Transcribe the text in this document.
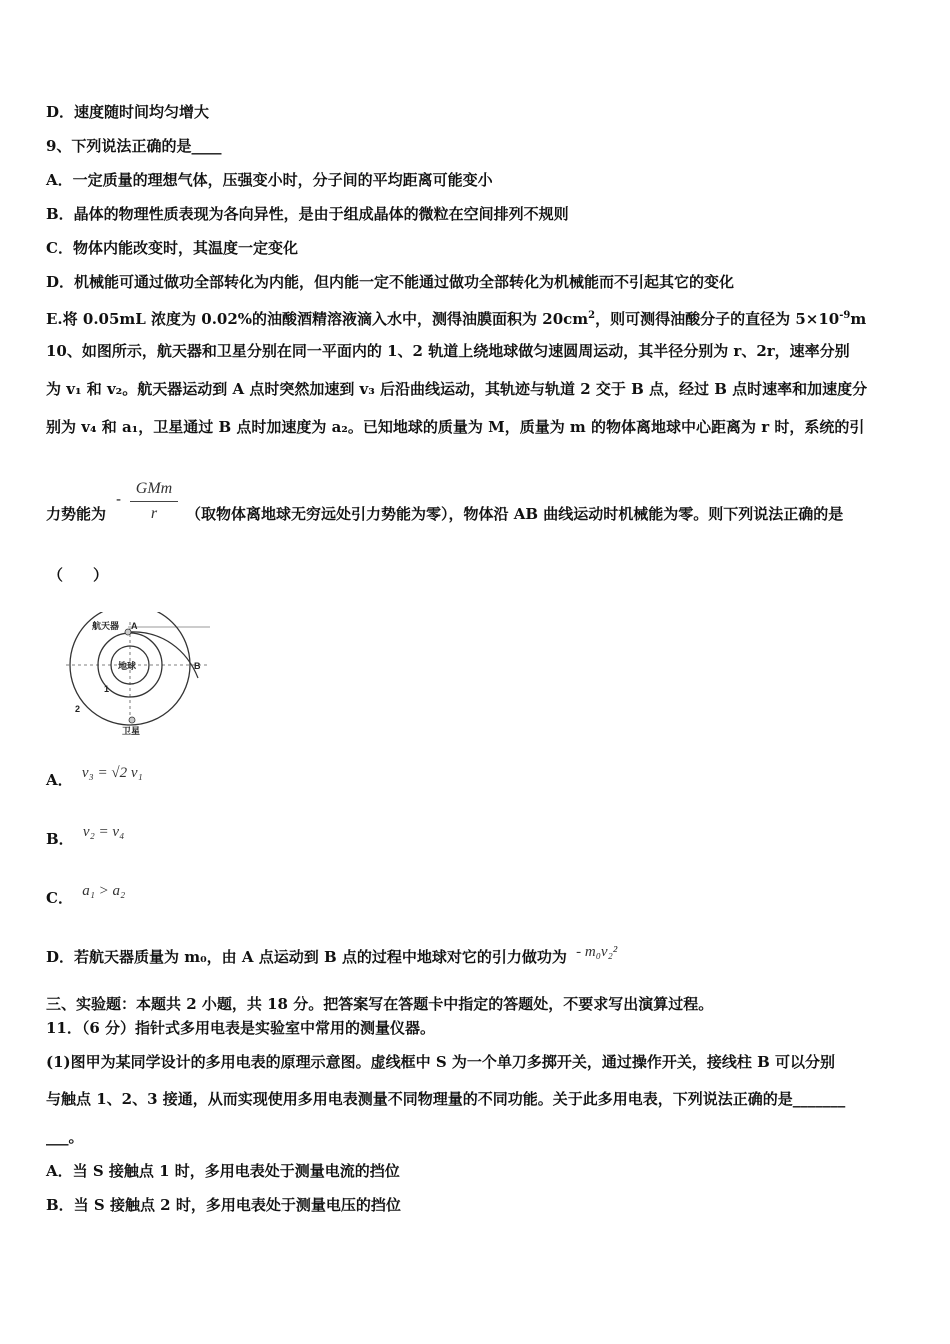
D．速度随时间均匀增大
9、下列说法正确的是____
A．一定质量的理想气体，压强变小时，分子间的平均距离可能变小
B．晶体的物理性质表现为各向异性，是由于组成晶体的微粒在空间排列不规则
C．物体内能改变时，其温度一定变化
D．机械能可通过做功全部转化为内能，但内能一定不能通过做功全部转化为机械能而不引起其它的变化
E.将 0.05mL 浓度为 0.02%的油酸酒精溶液滴入水中，测得油膜面积为 $20cm^2$，则可测得油酸分子的直径为 $5\times 10^{-9}m$
10、如图所示，航天器和卫星分别在同一平面内的 1、2 轨道上绕地球做匀速圆周运动，其半径分别为 r、2r，速率分别
为 v₁ 和 v₂。航天器运动到 A 点时突然加速到 v₃ 后沿曲线运动，其轨迹与轨道 2 交于 B 点，经过 B 点时速率和加速度分
别为 v₄ 和 a₁，卫星通过 B 点时加速度为 a₂。已知地球的质量为 M，质量为 m 的物体离地球中心距离为 r 时，系统的引
力势能为
-
GMm
r	（取物体离地球无穷远处引力势能为零），物体沿 AB 曲线运动时机械能为零。则下列说法正确的是
（　　）
航天器 A
地球	B
1
2
卫星
A． v₃ = √2 v₁
B． v₂ = v₄
C． a₁ > a₂
D．若航天器质量为 m₀，由 A 点运动到 B 点的过程中地球对它的引力做功为 - m₀v₂²
三、实验题：本题共 2 小题，共 18 分。把答案写在答题卡中指定的答题处，不要求写出演算过程。
11．（6 分）指针式多用电表是实验室中常用的测量仪器。
(1)图甲为某同学设计的多用电表的原理示意图。虚线框中 S 为一个单刀多掷开关，通过操作开关，接线柱 B 可以分别
与触点 1、2、3 接通，从而实现使用多用电表测量不同物理量的不同功能。关于此多用电表，下列说法正确的是_______
___。
A．当 S 接触点 1 时，多用电表处于测量电流的挡位
B．当 S 接触点 2 时，多用电表处于测量电压的挡位
